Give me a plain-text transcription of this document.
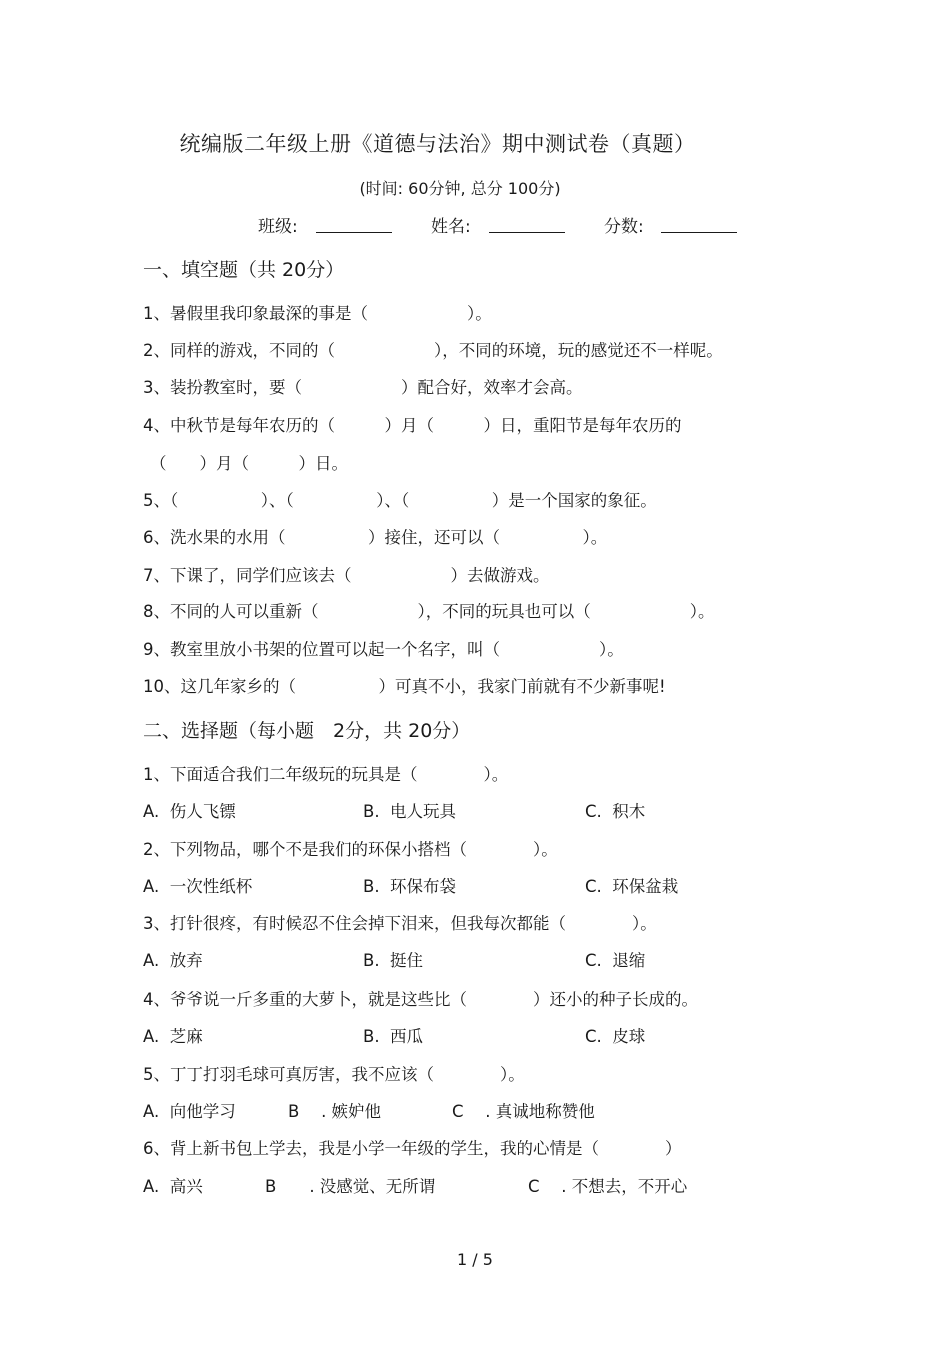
统编版二年级上册《道德与法治》期中测试卷（真题）
(时间: 60分钟, 总分 100分)
班级:	姓名:	分数:
一、填空题（共 20分）
1、暑假里我印象最深的事是（　　　　　　）。
2、同样的游戏，不同的（　　　　　　），不同的环境，玩的感觉还不一样呢。
3、装扮教室时，要（　　　　　　）配合好，效率才会高。
4、中秋节是每年农历的（　　　）月（　　　）日，重阳节是每年农历的
（　　）月（　　　）日。
5、（　　　　　）、（　　　　　）、（　　　　　）是一个国家的象征。
6、洗水果的水用（　　　　　）接住，还可以（　　　　　）。
7、下课了，同学们应该去（　　　　　　）去做游戏。
8、不同的人可以重新（　　　　　　），不同的玩具也可以（　　　　　　）。
9、教室里放小书架的位置可以起一个名字，叫（　　　　　　）。
10、这几年家乡的（　　　　　）可真不小，我家门前就有不少新事呢!
二、选择题（每小题　2分，共 20分）
1、下面适合我们二年级玩的玩具是（　　　　）。
A.  伤人飞镖	B.  电人玩具	C.  积木
2、下列物品，哪个不是我们的环保小搭档（　　　　）。
A.  一次性纸杯	B.  环保布袋	C.  环保盆栽
3、打针很疼，有时候忍不住会掉下泪来，但我每次都能（　　　　）。
A.  放弃	B.  挺住	C.  退缩
4、爷爷说一斤多重的大萝卜，就是这些比（　　　　）还小的种子长成的。
A.  芝麻	B.  西瓜	C.  皮球
5、丁丁打羽毛球可真厉害，我不应该（　　　　）。
A.  向他学习	B　 . 嫉妒他	C　 . 真诚地称赞他
6、背上新书包上学去，我是小学一年级的学生，我的心情是（　　　　）
A.  高兴	B　　. 没感觉、无所谓	C　 . 不想去，不开心
1 / 5
